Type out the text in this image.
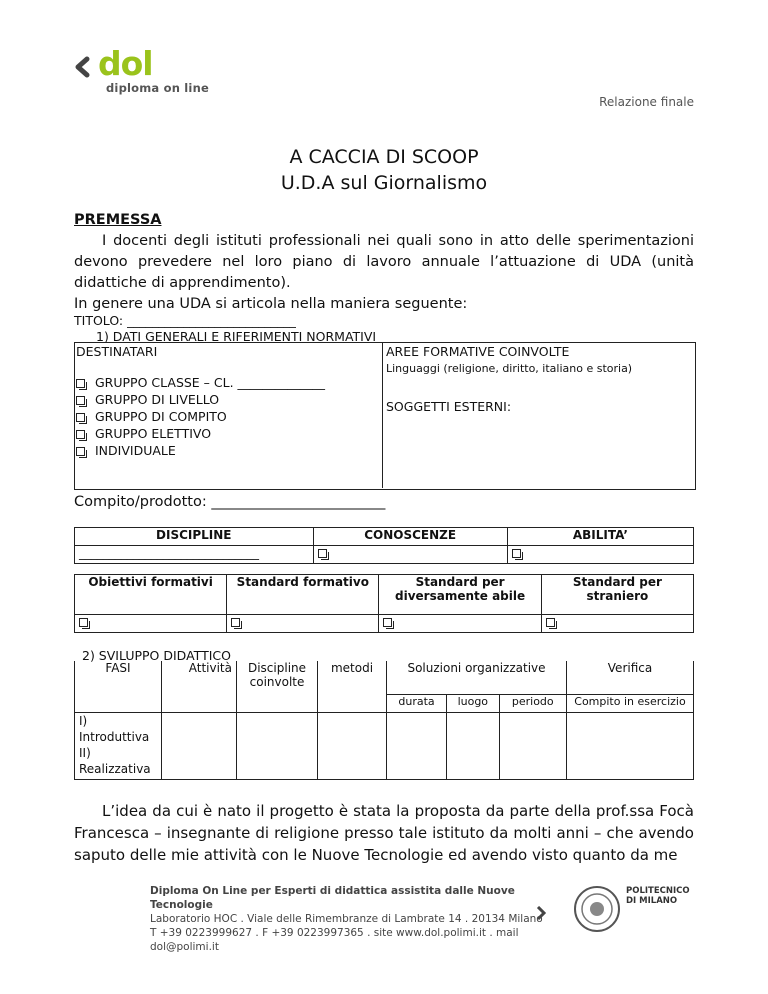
dol
diploma on line
Relazione finale
A CACCIA DI SCOOP
U.D.A sul Giornalismo
PREMESSA
I docenti degli istituti professionali nei quali sono in atto delle sperimentazioni devono prevedere nel loro piano di lavoro annuale l’attuazione di UDA (unità didattiche di apprendimento).
In genere una UDA si articola nella maniera seguente:
TITOLO: ___________________________
1) DATI GENERALI E RIFERIMENTI NORMATIVI
DESTINATARI
GRUPPO CLASSE – CL. ______________
GRUPPO DI LIVELLO
GRUPPO DI COMPITO
GRUPPO ELETTIVO
INDIVIDUALE
AREE FORMATIVE COINVOLTE
Linguaggi (religione, diritto, italiano e storia)
SOGGETTI ESTERNI:
Compito/prodotto: ________________________
DISCIPLINE	CONOSCENZE	ABILITA’
______________________________		
Obiettivi formativi	Standard formativo	Standard per diversamente abile	Standard per straniero

2) SVILUPPO DIDATTICO
FASI	Attività	Discipline coinvolte	metodi	Soluzioni organizzative			Verifica
				durata	luogo	periodo	Compito in esercizio

I) Introduttiva
II) Realizzativa							

L’idea da cui è nato il progetto è stata la proposta da parte della prof.ssa Focà Francesca – insegnante di religione presso tale istituto da molti anni – che avendo saputo delle mie attività con le Nuove Tecnologie ed avendo visto quanto da me
Diploma On Line per Esperti di didattica assistita dalle Nuove Tecnologie
Laboratorio HOC . Viale delle Rimembranze di Lambrate 14 . 20134 Milano
T +39 0223999627 . F +39 0223997365 . site www.dol.polimi.it . mail dol@polimi.it
POLITECNICO
DI MILANO
